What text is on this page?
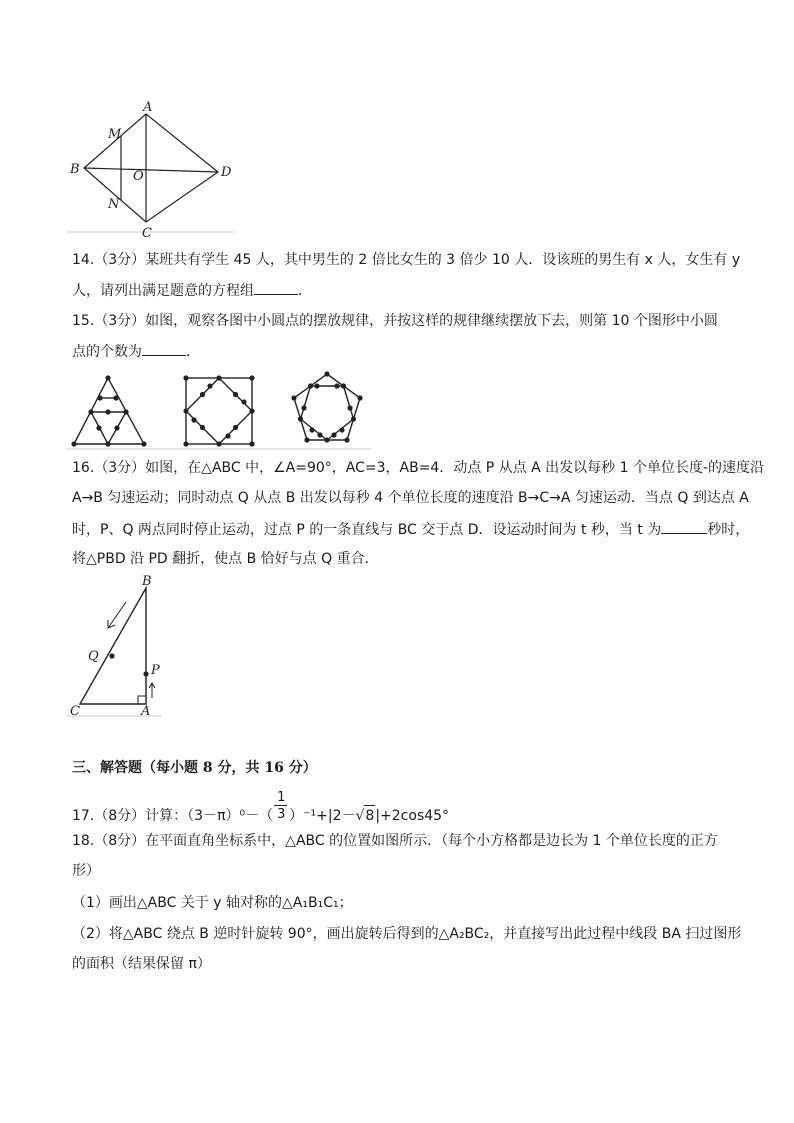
A
B
C
D
M
N
O
14.（3分）某班共有学生 45 人，其中男生的 2 倍比女生的 3 倍少 10 人．设该班的男生有 x 人，女生有 y
人，请列出满足题意的方程组	．
15.（3分）如图，观察各图中小圆点的摆放规律，并按这样的规律继续摆放下去，则第 10 个图形中小圆
点的个数为	．
16.（3分）如图，在△ABC 中，∠A=90°，AC=3，AB=4．动点 P 从点 A 出发以每秒 1 个单位长度-的速度沿
A→B 匀速运动；同时动点 Q 从点 B 出发以每秒 4 个单位长度的速度沿 B→C→A 匀速运动．当点 Q 到达点 A
时，P、Q 两点同时停止运动，过点 P 的一条直线与 BC 交于点 D．设运动时间为 t 秒，当 t 为	秒时，
将△PBD 沿 PD 翻折，使点 B 恰好与点 Q 重合．
B
Q
P
C	A
三、解答题（每小题 8 分，共 16 分）
17.（8分）计算：$(3-\pi)^0-( \frac{1}{3} )^{-1}+|2-√8|+2\cos 45^\circ$
18.（8分）在平面直角坐标系中，△ABC 的位置如图所示．（每个小方格都是边长为 1 个单位长度的正方
形）
（1）画出△ABC 关于 y 轴对称的△A₁B₁C₁；
（2）将△ABC 绕点 B 逆时针旋转 90°，画出旋转后得到的△A₂BC₂，并直接写出此过程中线段 BA 扫过图形
的面积（结果保留 π）
